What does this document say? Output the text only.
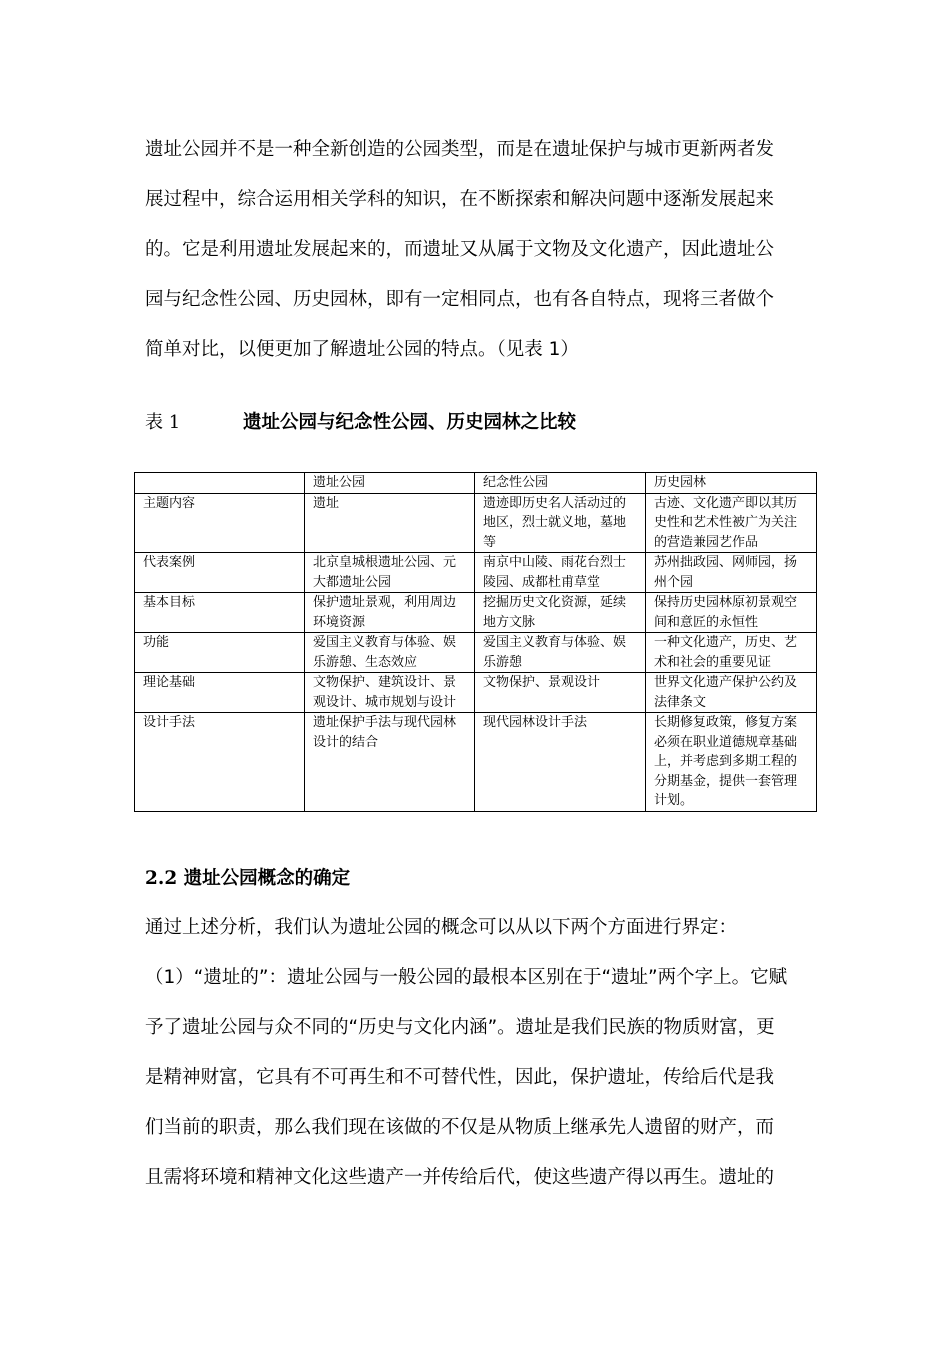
遗址公园并不是一种全新创造的公园类型，而是在遗址保护与城市更新两者发
展过程中，综合运用相关学科的知识，在不断探索和解决问题中逐渐发展起来
的。它是利用遗址发展起来的，而遗址又从属于文物及文化遗产，因此遗址公
园与纪念性公园、历史园林，即有一定相同点，也有各自特点，现将三者做个
简单对比，以便更加了解遗址公园的特点。（见表 1）
表 1	遗址公园与纪念性公园、历史园林之比较
	遗址公园	纪念性公园	历史园林
主题内容	遗址	遗迹即历史名人活动过的地区，烈士就义地，墓地等	古迹、文化遗产即以其历史性和艺术性被广为关注的营造兼园艺作品
代表案例	北京皇城根遗址公园、元大都遗址公园	南京中山陵、雨花台烈士陵园、成都杜甫草堂	苏州拙政园、网师园，扬州个园
基本目标	保护遗址景观，利用周边环境资源	挖掘历史文化资源，延续地方文脉	保持历史园林原初景观空间和意匠的永恒性
功能	爱国主义教育与体验、娱乐游憩、生态效应	爱国主义教育与体验、娱乐游憩	一种文化遗产，历史、艺术和社会的重要见证
理论基础	文物保护、建筑设计、景观设计、城市规划与设计	文物保护、景观设计	世界文化遗产保护公约及法律条文
设计手法	遗址保护手法与现代园林设计的结合	现代园林设计手法	长期修复政策，修复方案必须在职业道德规章基础上，并考虑到多期工程的分期基金，提供一套管理计划。
2.2 遗址公园概念的确定
通过上述分析，我们认为遗址公园的概念可以从以下两个方面进行界定：
（1）“遗址的”：遗址公园与一般公园的最根本区别在于“遗址”两个字上。它赋
予了遗址公园与众不同的“历史与文化内涵”。遗址是我们民族的物质财富，更
是精神财富，它具有不可再生和不可替代性，因此，保护遗址，传给后代是我
们当前的职责，那么我们现在该做的不仅是从物质上继承先人遗留的财产，而
且需将环境和精神文化这些遗产一并传给后代，使这些遗产得以再生。遗址的
